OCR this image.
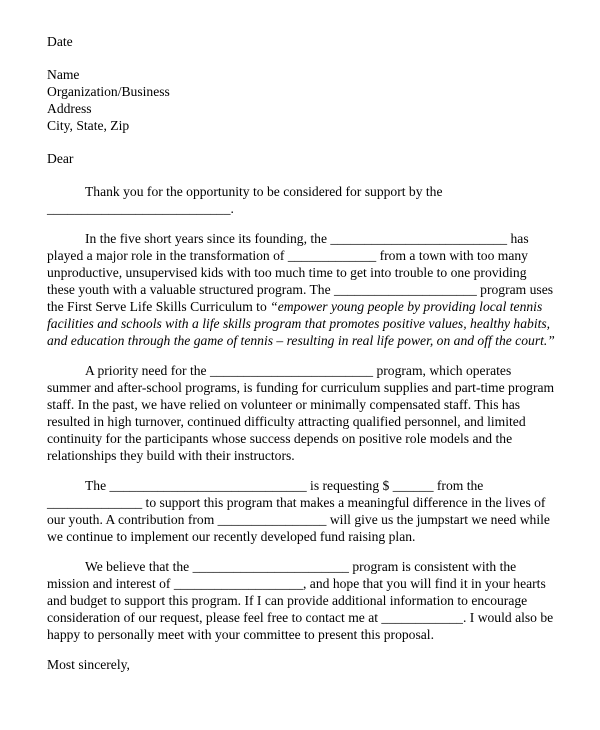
Date

Name

Organization/Business

Address

City, State, Zip

Dear

Thank you for the opportunity to be considered for support by the ___________________________.

In the five short years since its founding, the __________________________ has played a major role in the transformation of _____________ from a town with too many unproductive, unsupervised kids with too much time to get into trouble to one providing these youth with a valuable structured program. The _____________________ program uses the First Serve Life Skills Curriculum to “empower young people by providing local tennis facilities and schools with a life skills program that promotes positive values, healthy habits, and education through the game of tennis – resulting in real life power, on and off the court.”

A priority need for the ________________________ program, which operates summer and after-school programs, is funding for curriculum supplies and part-time program staff. In the past, we have relied on volunteer or minimally compensated staff. This has resulted in high turnover, continued difficulty attracting qualified personnel, and limited continuity for the participants whose success depends on positive role models and the relationships they build with their instructors.

The _____________________________ is requesting $ ______ from the ______________ to support this program that makes a meaningful difference in the lives of our youth. A contribution from ________________ will give us the jumpstart we need while we continue to implement our recently developed fund raising plan.

We believe that the _______________________ program is consistent with the mission and interest of ___________________, and hope that you will find it in your hearts and budget to support this program. If I can provide additional information to encourage consideration of our request, please feel free to contact me at ____________. I would also be happy to personally meet with your committee to present this proposal.

Most sincerely,
